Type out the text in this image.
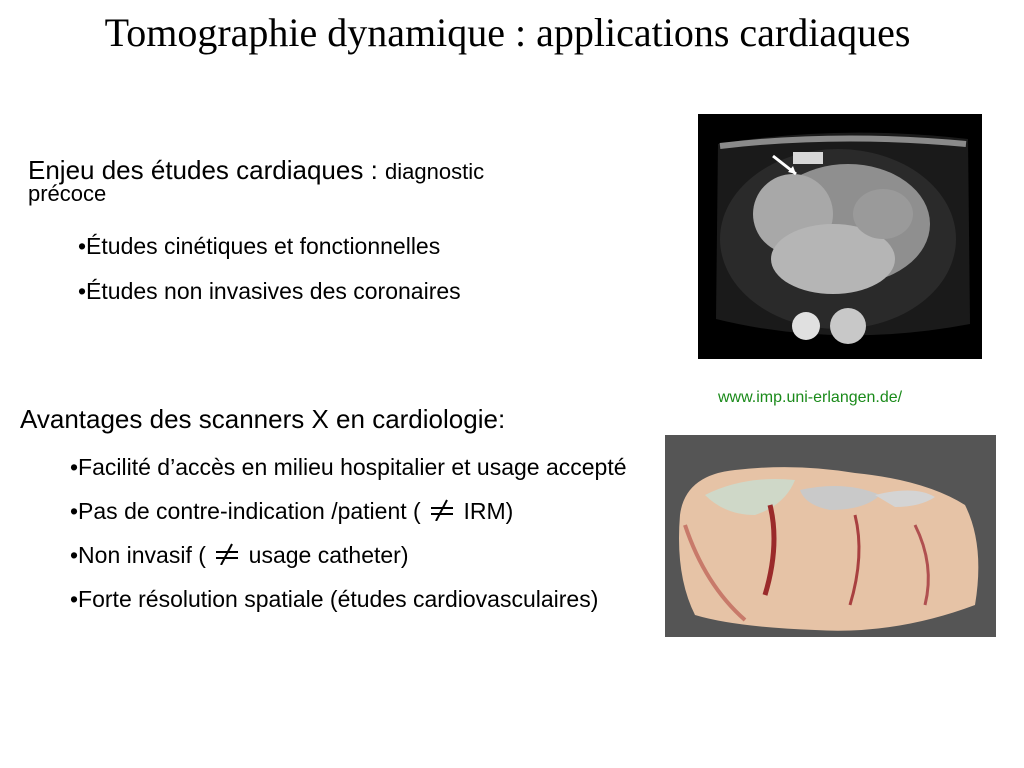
Tomographie dynamique : applications cardiaques
Enjeu des études cardiaques : diagnostic
précoce
•Études cinétiques et fonctionnelles
•Études non invasives des coronaires
www.imp.uni-erlangen.de/
Avantages des scanners X en cardiologie:
•Facilité d’accès en milieu hospitalier et usage accepté
•Pas de contre-indication /patient ( IRM)
•Non invasif ( usage catheter)
•Forte résolution spatiale (études cardiovasculaires)
